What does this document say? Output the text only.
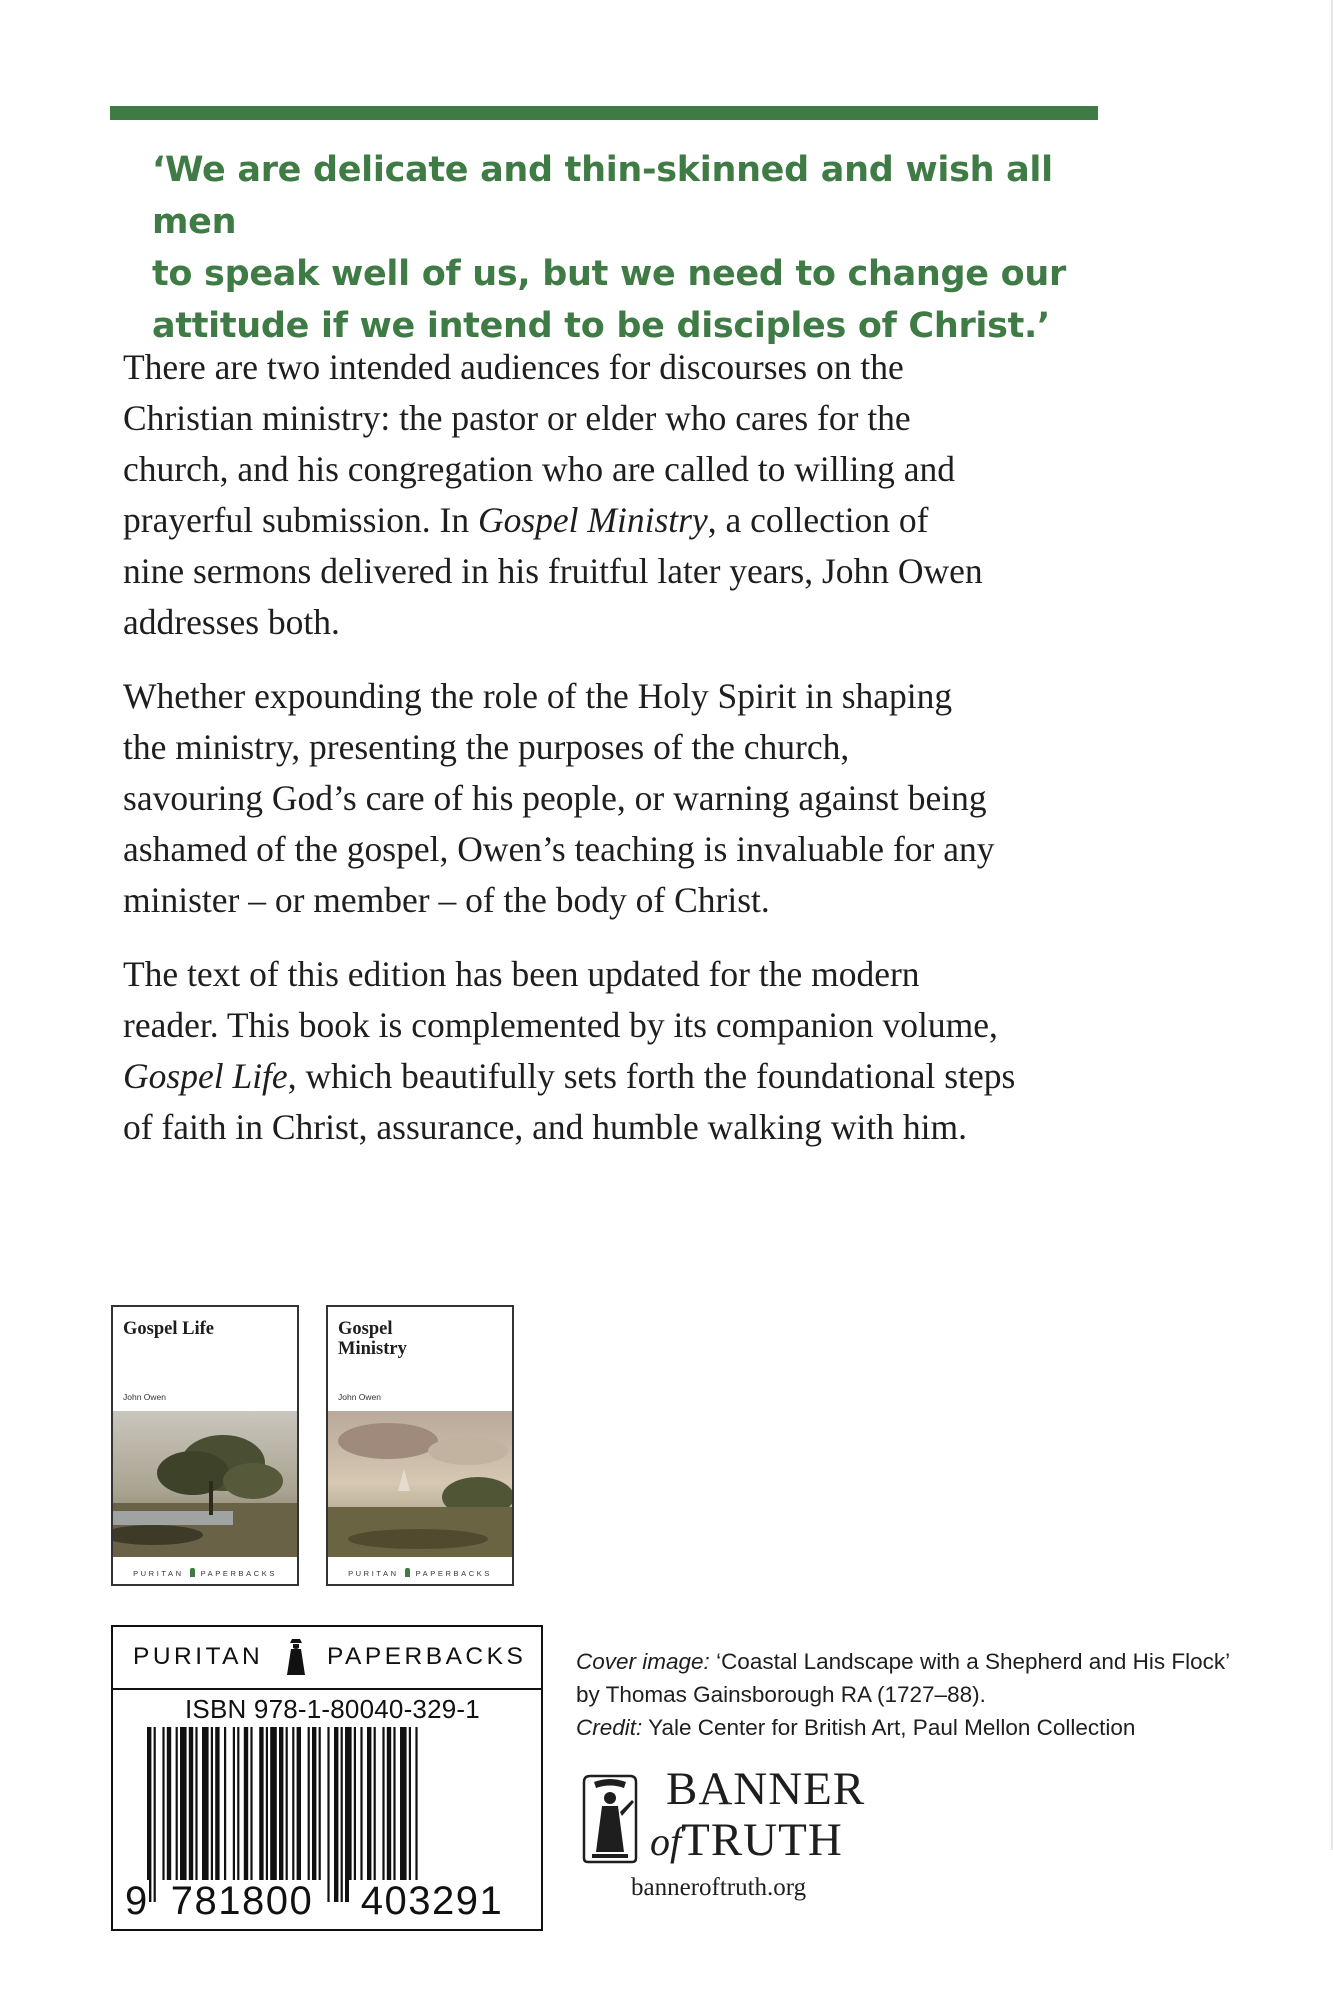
‘We are delicate and thin-skinned and wish all men
to speak well of us, but we need to change our
attitude if we intend to be disciples of Christ.’

There are two intended audiences for discourses on the
Christian ministry: the pastor or elder who cares for the
church, and his congregation who are called to willing and
prayerful submission. In Gospel Ministry, a collection of
nine sermons delivered in his fruitful later years, John Owen
addresses both.

Whether expounding the role of the Holy Spirit in shaping
the ministry, presenting the purposes of the church,
savouring God’s care of his people, or warning against being
ashamed of the gospel, Owen’s teaching is invaluable for any
minister – or member – of the body of Christ.

The text of this edition has been updated for the modern
reader. This book is complemented by its companion volume,
Gospel Life, which beautifully sets forth the foundational steps
of faith in Christ, assurance, and humble walking with him.

Gospel Life
John Owen
PURITAN PAPERBACKS
Gospel
Ministry
John Owen
PURITAN PAPERBACKS
PURITAN	PAPERBACKS
ISBN 978-1-80040-329-1
9 781800 403291
Cover image: ‘Coastal Landscape with a Shepherd and His Flock’ by Thomas Gainsborough RA (1727–88).
Credit: Yale Center for British Art, Paul Mellon Collection
BANNER
ofTRUTH
banneroftruth.org
